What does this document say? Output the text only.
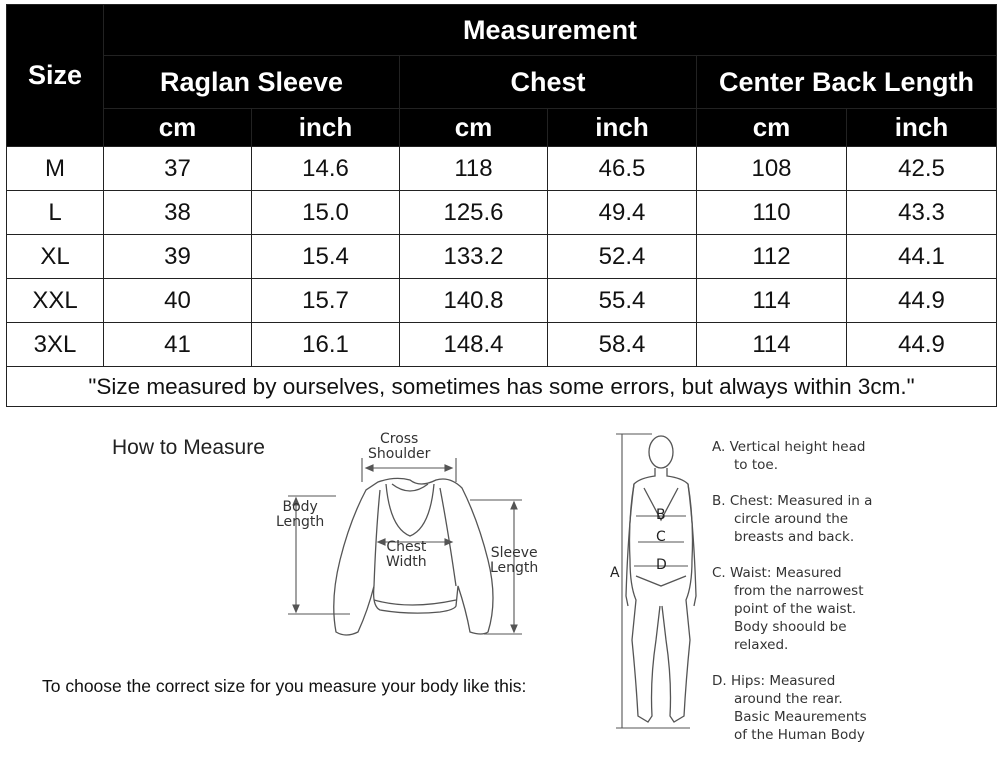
Size	Measurement					
	Raglan Sleeve		Chest		Center Back Length	
	cm	inch	cm	inch	cm	inch
M	37	14.6	118	46.5	108	42.5
L	38	15.0	125.6	49.4	110	43.3
XL	39	15.4	133.2	52.4	112	44.1
XXL	40	15.7	140.8	55.4	114	44.9
3XL	41	16.1	148.4	58.4	114	44.9
"Size measured by ourselves, sometimes has some errors, but always within 3cm."						
How to Measure	Cross
Shoulder
Body
Length
Chest
Width
Sleeve
Length	A
B
C
D
A. Vertical height head
to toe.
B. Chest: Measured in a
circle around the
breasts and back.
C. Waist: Measured
from the narrowest
point of the waist.
Body shoould be
relaxed.
D. Hips: Measured
around the rear.
Basic Meaurements
of the Human Body
To choose the correct size for you measure your body like this:
